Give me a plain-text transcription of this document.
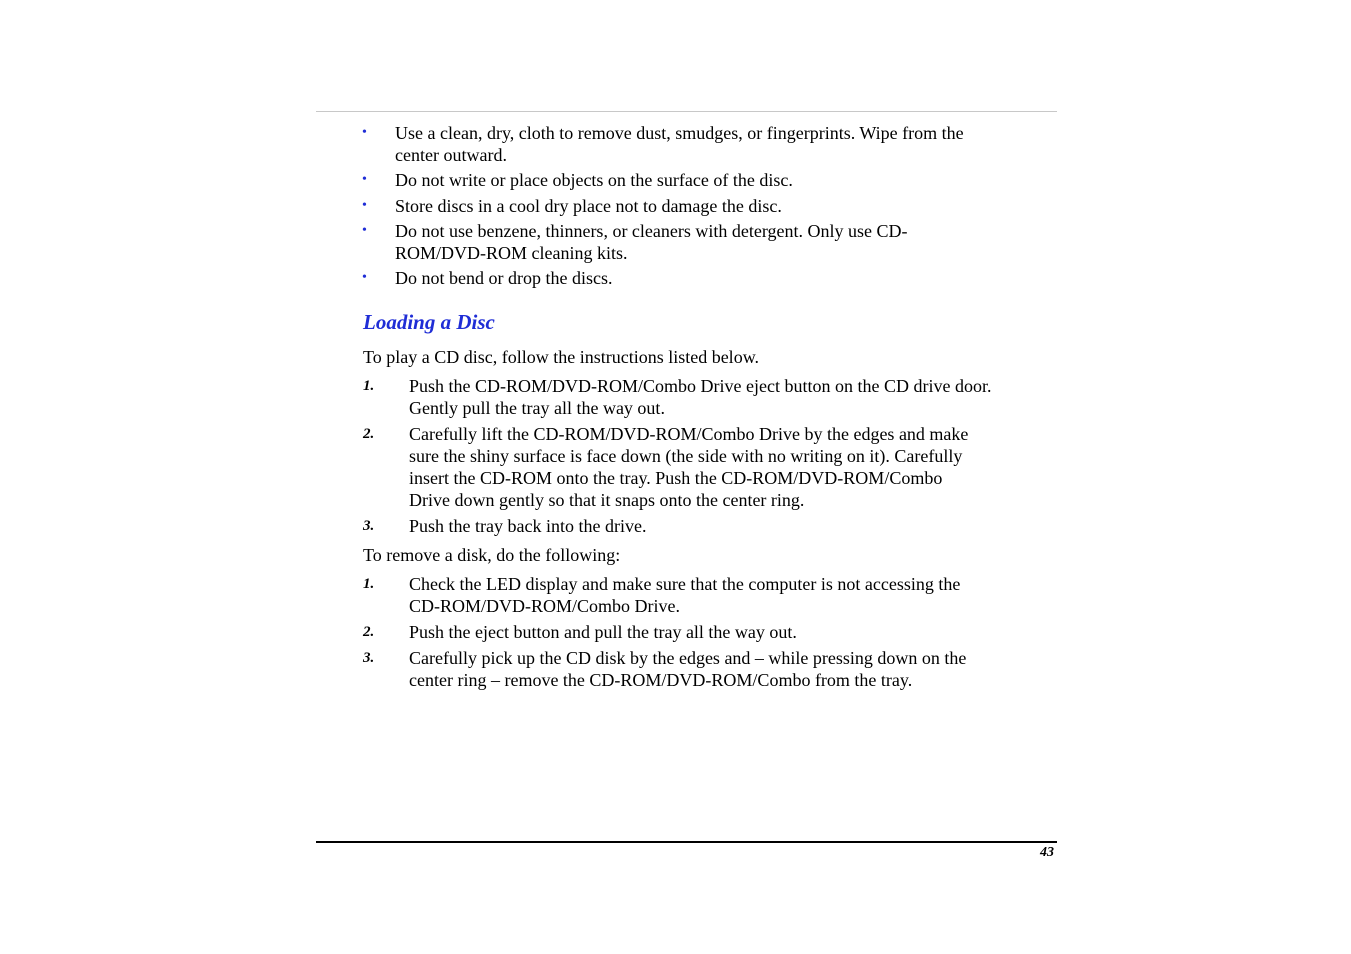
• Use a clean, dry, cloth to remove dust, smudges, or fingerprints. Wipe from the
center outward.
• Do not write or place objects on the surface of the disc.
• Store discs in a cool dry place not to damage the disc.
• Do not use benzene, thinners, or cleaners with detergent. Only use CD-
ROM/DVD-ROM cleaning kits.
• Do not bend or drop the discs.
Loading a Disc
To play a CD disc, follow the instructions listed below.
1. Push the CD-ROM/DVD-ROM/Combo Drive eject button on the CD drive door.
Gently pull the tray all the way out.
2. Carefully lift the CD-ROM/DVD-ROM/Combo Drive by the edges and make
sure the shiny surface is face down (the side with no writing on it). Carefully
insert the CD-ROM onto the tray. Push the CD-ROM/DVD-ROM/Combo
Drive down gently so that it snaps onto the center ring.
3. Push the tray back into the drive.
To remove a disk, do the following:
1. Check the LED display and make sure that the computer is not accessing the
CD-ROM/DVD-ROM/Combo Drive.
2. Push the eject button and pull the tray all the way out.
3. Carefully pick up the CD disk by the edges and – while pressing down on the
center ring – remove the CD-ROM/DVD-ROM/Combo from the tray.
43
